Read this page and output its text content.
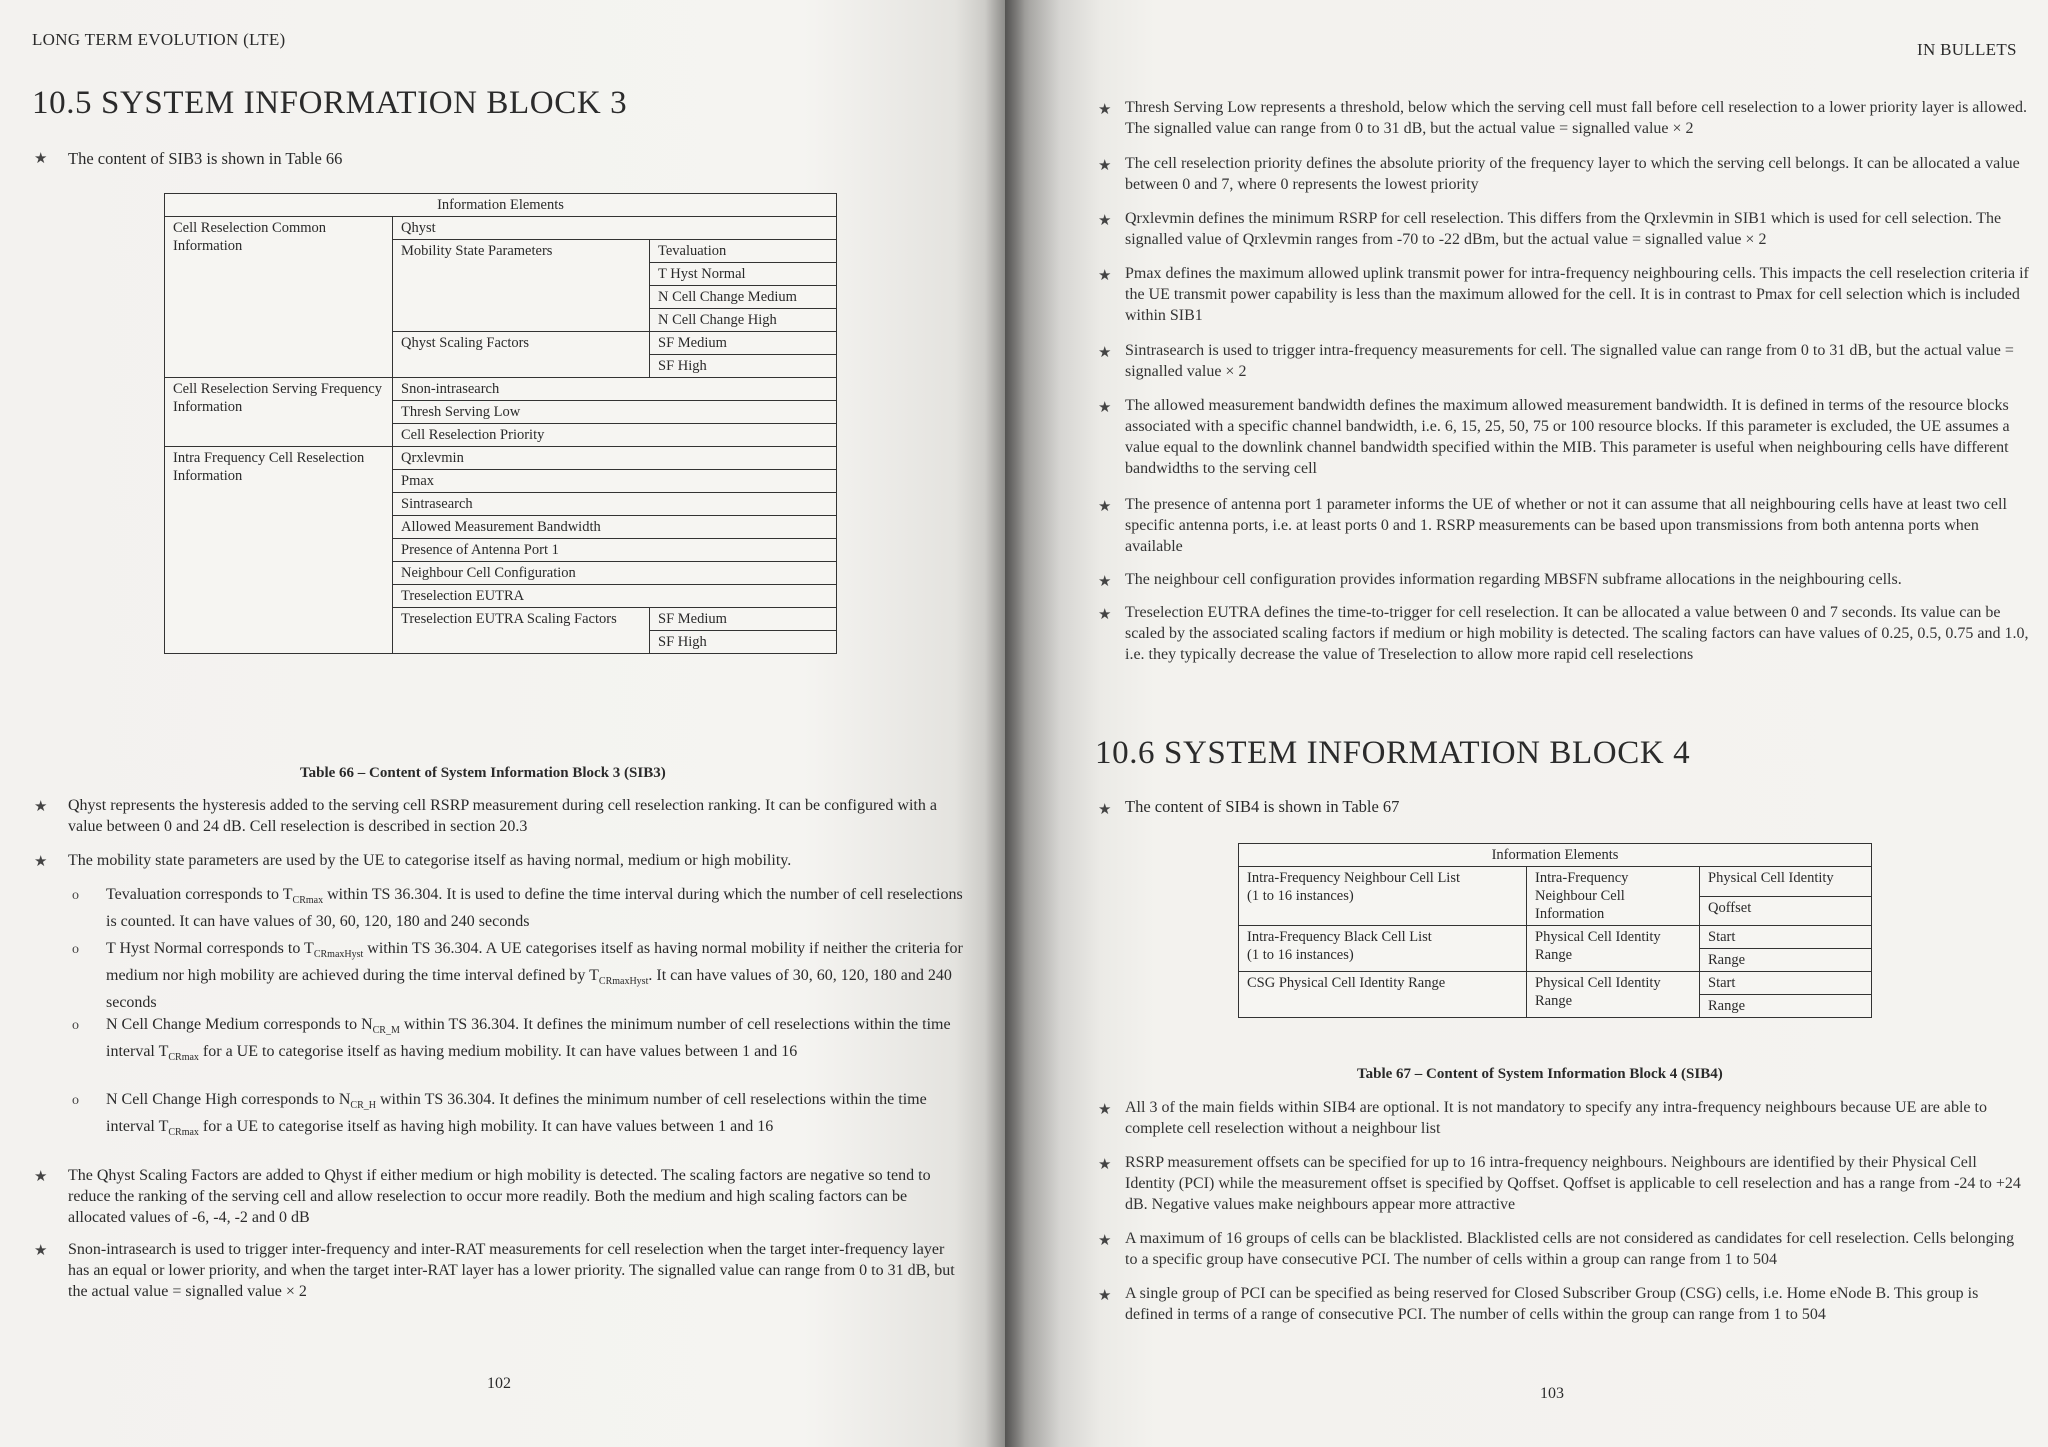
LONG TERM EVOLUTION (LTE)
10.5 SYSTEM INFORMATION BLOCK 3
★ The content of SIB3 is shown in Table 66
Information Elements		
Cell Reselection Common Information	Qhyst	
	Mobility State Parameters	Tevaluation
		T Hyst Normal
		N Cell Change Medium
		N Cell Change High
	Qhyst Scaling Factors	SF Medium
		SF High
Cell Reselection Serving Frequency Information	Snon-intrasearch	
	Thresh Serving Low	
	Cell Reselection Priority	
Intra Frequency Cell Reselection Information	Qrxlevmin	
	Pmax	
	Sintrasearch	
	Allowed Measurement Bandwidth	
	Presence of Antenna Port 1	
	Neighbour Cell Configuration	
	Treselection EUTRA	
	Treselection EUTRA Scaling Factors	SF Medium
		SF High
Table 66 – Content of System Information Block 3 (SIB3)
★ Qhyst represents the hysteresis added to the serving cell RSRP measurement during cell reselection ranking. It can be configured with a value between 0 and 24 dB. Cell reselection is described in section 20.3

★ The mobility state parameters are used by the UE to categorise itself as having normal, medium or high mobility.

o Tevaluation corresponds to $T_{CRmax}$ within TS 36.304. It is used to define the time interval during which the number of cell reselections is counted. It can have values of 30, 60, 120, 180 and 240 seconds

o T Hyst Normal corresponds to $T_{CRmaxHyst}$ within TS 36.304. A UE categorises itself as having normal mobility if neither the criteria for medium nor high mobility are achieved during the time interval defined by $T_{CRmaxHyst}$. It can have values of 30, 60, 120, 180 and 240 seconds

o N Cell Change Medium corresponds to $N_{CR\_M}$ within TS 36.304. It defines the minimum number of cell reselections within the time interval $T_{CRmax}$ for a UE to categorise itself as having medium mobility. It can have values between 1 and 16

o N Cell Change High corresponds to $N_{CR\_H}$ within TS 36.304. It defines the minimum number of cell reselections within the time interval $T_{CRmax}$ for a UE to categorise itself as having high mobility. It can have values between 1 and 16

★ The Qhyst Scaling Factors are added to Qhyst if either medium or high mobility is detected. The scaling factors are negative so tend to reduce the ranking of the serving cell and allow reselection to occur more readily. Both the medium and high scaling factors can be allocated values of -6, -4, -2 and 0 dB

★ Snon-intrasearch is used to trigger inter-frequency and inter-RAT measurements for cell reselection when the target inter-frequency layer has an equal or lower priority, and when the target inter-RAT layer has a lower priority. The signalled value can range from 0 to 31 dB, but the actual value = signalled value × 2

102
IN BULLETS
★ Thresh Serving Low represents a threshold, below which the serving cell must fall before cell reselection to a lower priority layer is allowed. The signalled value can range from 0 to 31 dB, but the actual value = signalled value × 2

★ The cell reselection priority defines the absolute priority of the frequency layer to which the serving cell belongs. It can be allocated a value between 0 and 7, where 0 represents the lowest priority

★ Qrxlevmin defines the minimum RSRP for cell reselection. This differs from the Qrxlevmin in SIB1 which is used for cell selection. The signalled value of Qrxlevmin ranges from -70 to -22 dBm, but the actual value = signalled value × 2

★ Pmax defines the maximum allowed uplink transmit power for intra-frequency neighbouring cells. This impacts the cell reselection criteria if the UE transmit power capability is less than the maximum allowed for the cell. It is in contrast to Pmax for cell selection which is included within SIB1

★ Sintrasearch is used to trigger intra-frequency measurements for cell. The signalled value can range from 0 to 31 dB, but the actual value = signalled value × 2

★ The allowed measurement bandwidth defines the maximum allowed measurement bandwidth. It is defined in terms of the resource blocks associated with a specific channel bandwidth, i.e. 6, 15, 25, 50, 75 or 100 resource blocks. If this parameter is excluded, the UE assumes a value equal to the downlink channel bandwidth specified within the MIB. This parameter is useful when neighbouring cells have different bandwidths to the serving cell

★ The presence of antenna port 1 parameter informs the UE of whether or not it can assume that all neighbouring cells have at least two cell specific antenna ports, i.e. at least ports 0 and 1. RSRP measurements can be based upon transmissions from both antenna ports when available

★ The neighbour cell configuration provides information regarding MBSFN subframe allocations in the neighbouring cells.

★ Treselection EUTRA defines the time-to-trigger for cell reselection. It can be allocated a value between 0 and 7 seconds. Its value can be scaled by the associated scaling factors if medium or high mobility is detected. The scaling factors can have values of 0.25, 0.5, 0.75 and 1.0, i.e. they typically decrease the value of Treselection to allow more rapid cell reselections

10.6 SYSTEM INFORMATION BLOCK 4
★ The content of SIB4 is shown in Table 67
Information Elements		

Intra-Frequency Neighbour Cell List
(1 to 16 instances)	Intra-Frequency Neighbour Cell Information	Physical Cell Identity
		Qoffset

Intra-Frequency Black Cell List
(1 to 16 instances)	Physical Cell Identity Range	Start
		Range
CSG Physical Cell Identity Range	Physical Cell Identity Range	Start
		Range
Table 67 – Content of System Information Block 4 (SIB4)
★ All 3 of the main fields within SIB4 are optional. It is not mandatory to specify any intra-frequency neighbours because UE are able to complete cell reselection without a neighbour list

★ RSRP measurement offsets can be specified for up to 16 intra-frequency neighbours. Neighbours are identified by their Physical Cell Identity (PCI) while the measurement offset is specified by Qoffset. Qoffset is applicable to cell reselection and has a range from -24 to +24 dB. Negative values make neighbours appear more attractive

★ A maximum of 16 groups of cells can be blacklisted. Blacklisted cells are not considered as candidates for cell reselection. Cells belonging to a specific group have consecutive PCI. The number of cells within a group can range from 1 to 504

★ A single group of PCI can be specified as being reserved for Closed Subscriber Group (CSG) cells, i.e. Home eNode B. This group is defined in terms of a range of consecutive PCI. The number of cells within the group can range from 1 to 504

103
